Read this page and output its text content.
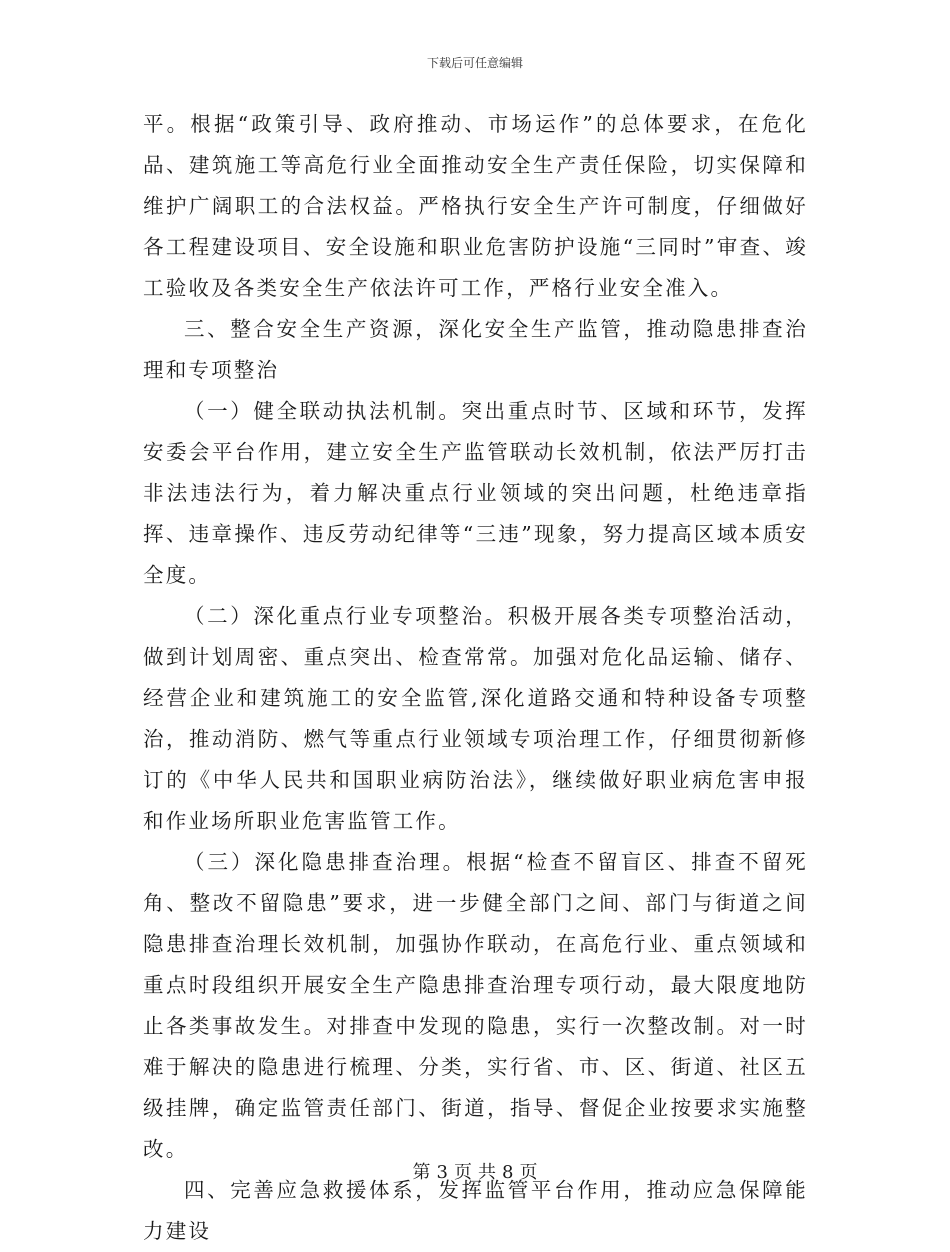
下载后可任意编辑

平。根据“政策引导、政府推动、市场运作”的总体要求，在危化品、建筑施工等高危行业全面推动安全生产责任保险，切实保障和维护广阔职工的合法权益。严格执行安全生产许可制度，仔细做好各工程建设项目、安全设施和职业危害防护设施“三同时”审查、竣工验收及各类安全生产依法许可工作，严格行业安全准入。

三、整合安全生产资源，深化安全生产监管，推动隐患排查治理和专项整治

（一）健全联动执法机制。突出重点时节、区域和环节，发挥安委会平台作用，建立安全生产监管联动长效机制，依法严厉打击非法违法行为，着力解决重点行业领域的突出问题，杜绝违章指挥、违章操作、违反劳动纪律等“三违”现象，努力提高区域本质安全度。

（二）深化重点行业专项整治。积极开展各类专项整治活动，做到计划周密、重点突出、检查常常。加强对危化品运输、储存、经营企业和建筑施工的安全监管,深化道路交通和特种设备专项整治，推动消防、燃气等重点行业领域专项治理工作，仔细贯彻新修订的《中华人民共和国职业病防治法》，继续做好职业病危害申报和作业场所职业危害监管工作。

（三）深化隐患排查治理。根据“检查不留盲区、排查不留死角、整改不留隐患”要求，进一步健全部门之间、部门与街道之间隐患排查治理长效机制，加强协作联动，在高危行业、重点领域和重点时段组织开展安全生产隐患排查治理专项行动，最大限度地防止各类事故发生。对排查中发现的隐患，实行一次整改制。对一时难于解决的隐患进行梳理、分类，实行省、市、区、街道、社区五级挂牌，确定监管责任部门、街道，指导、督促企业按要求实施整改。

四、完善应急救援体系，发挥监管平台作用，推动应急保障能力建设

第 3 页 共 8 页
